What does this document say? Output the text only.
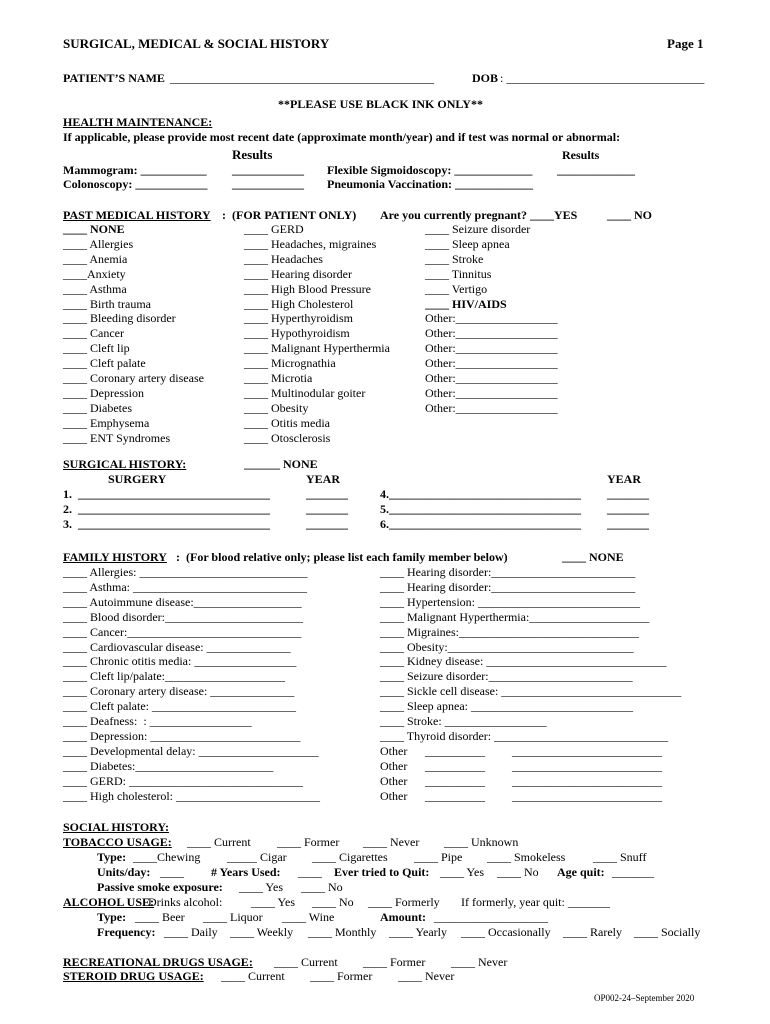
SURGICAL, MEDICAL & SOCIAL HISTORY	Page 1
PATIENT’S NAME ____________________________________________	DOB : _________________________________
**PLEASE USE BLACK INK ONLY**
HEALTH MAINTENANCE:
If applicable, please provide most recent date (approximate month/year) and if test was normal or abnormal:
Results	Results
Mammogram: ___________ ____________ Flexible Sigmoidoscopy: _____________ _____________
Colonoscopy: ____________ ____________ Pneumonia Vaccination: _____________
PAST MEDICAL HISTORY :  (FOR PATIENT ONLY) Are you currently pregnant? ____YES ____ NO
____ NONE
____ Allergies
____ Anemia
____Anxiety
____ Asthma
____ Birth trauma
____ Bleeding disorder
____ Cancer
____ Cleft lip
____ Cleft palate
____ Coronary artery disease
____ Depression
____ Diabetes
____ Emphysema
____ ENT Syndromes
____ GERD
____ Headaches, migraines
____ Headaches
____ Hearing disorder
____ High Blood Pressure
____ High Cholesterol
____ Hyperthyroidism
____ Hypothyroidism
____ Malignant Hyperthermia
____ Micrognathia
____ Microtia
____ Multinodular goiter
____ Obesity
____ Otitis media
____ Otosclerosis
____ Seizure disorder
____ Sleep apnea
____ Stroke
____ Tinnitus
____ Vertigo
____ HIV/AIDS
Other:_________________
Other:_________________
Other:_________________
Other:_________________
Other:_________________
Other:_________________
Other:_________________
SURGICAL HISTORY:	______ NONE
SURGERY	YEAR	YEAR
1.  ________________________________	_______	4.________________________________ _______
2.  ________________________________	_______	5.________________________________ _______
3.  ________________________________	_______	6.________________________________ _______
FAMILY HISTORY :  (For blood relative only; please list each family member below)	____ NONE
____ Allergies: ____________________________
____ Asthma: _____________________________
____ Autoimmune disease:__________________
____ Blood disorder:_______________________
____ Cancer:_____________________________
____ Cardiovascular disease: ______________
____ Chronic otitis media: _________________
____ Cleft lip/palate:____________________
____ Coronary artery disease: ______________
____ Cleft palate: ________________________
____ Deafness:  : _________________
____ Depression: _________________________
____ Developmental delay: ____________________
____ Diabetes:_______________________
____ GERD: _____________________________
____ High cholesterol: ________________________
____ Hearing disorder:________________________
____ Hearing disorder:________________________
____ Hypertension: ___________________________
____ Malignant Hyperthermia:____________________
____ Migraines:______________________________
____ Obesity:_______________________________
____ Kidney disease: ______________________________
____ Seizure disorder:________________________
____ Sickle cell disease: ______________________________
____ Sleep apnea: ___________________________
____ Stroke: _________________
____ Thyroid disorder: _____________________________
Other __________ _________________________
Other __________ _________________________
Other __________ _________________________
Other __________ _________________________
SOCIAL HISTORY:
TOBACCO USAGE: ____ Current ____ Former ____ Never ____ Unknown
Type: ____Chewing _____ Cigar ____ Cigarettes ____ Pipe ____ Smokeless ____ Snuff
Units/day: ____ # Years Used: ____ Ever tried to Quit: ____ Yes ____ No Age quit: _______
Passive smoke exposure: ____ Yes ____ No
ALCOHOL USE:
Drinks alcohol: ____ Yes ____ No ____ Formerly If formerly, year quit: _______
Type: ____ Beer ____ Liquor ____ Wine	Amount: ___________________
Frequency: ____ Daily ____ Weekly ____ Monthly ____ Yearly ____ Occasionally ____ Rarely ____ Socially
RECREATIONAL DRUGS USAGE: ____ Current ____ Former ____ Never
STEROID DRUG USAGE: ____ Current ____ Former ____ Never
OP002-24–September 2020
